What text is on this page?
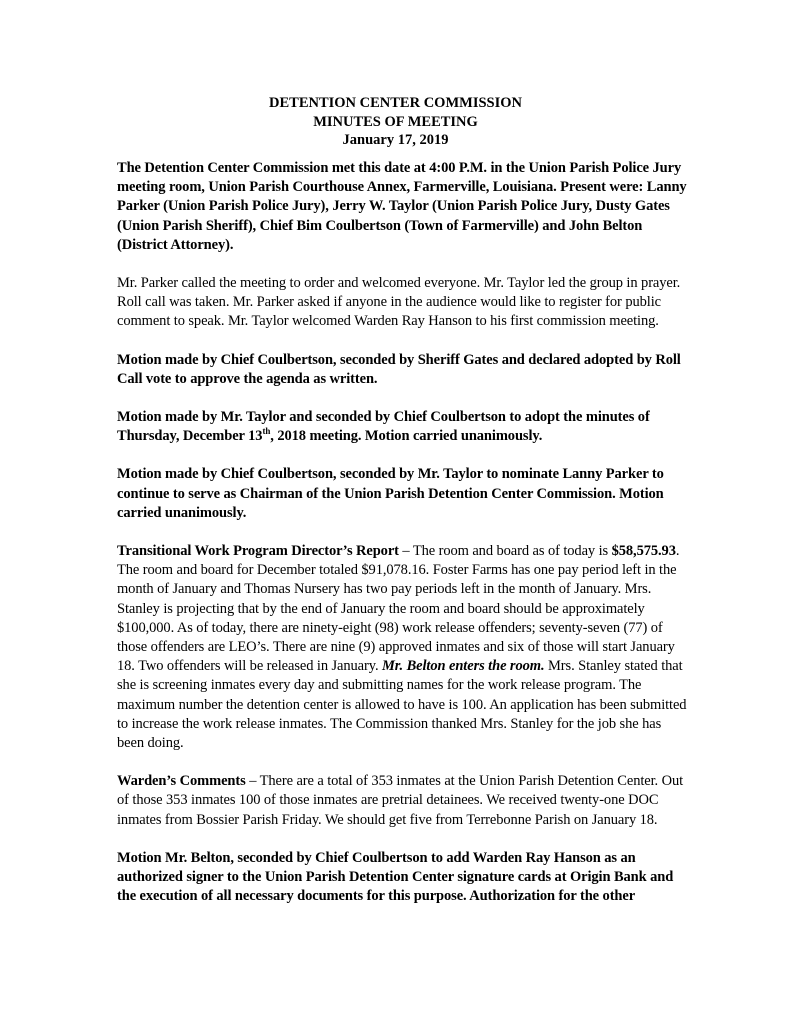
DETENTION CENTER COMMISSION
MINUTES OF MEETING
January 17, 2019

The Detention Center Commission met this date at 4:00 P.M. in the Union Parish Police Jury meeting room, Union Parish Courthouse Annex, Farmerville, Louisiana. Present were: Lanny Parker (Union Parish Police Jury), Jerry W. Taylor (Union Parish Police Jury, Dusty Gates (Union Parish Sheriff), Chief Bim Coulbertson (Town of Farmerville) and John Belton (District Attorney).

Mr. Parker called the meeting to order and welcomed everyone. Mr. Taylor led the group in prayer. Roll call was taken. Mr. Parker asked if anyone in the audience would like to register for public comment to speak. Mr. Taylor welcomed Warden Ray Hanson to his first commission meeting.

Motion made by Chief Coulbertson, seconded by Sheriff Gates and declared adopted by Roll Call vote to approve the agenda as written.

Motion made by Mr. Taylor and seconded by Chief Coulbertson to adopt the minutes of Thursday, December 13th, 2018 meeting. Motion carried unanimously.

Motion made by Chief Coulbertson, seconded by Mr. Taylor to nominate Lanny Parker to continue to serve as Chairman of the Union Parish Detention Center Commission. Motion carried unanimously.

Transitional Work Program Director’s Report – The room and board as of today is $58,575.93. The room and board for December totaled $91,078.16. Foster Farms has one pay period left in the month of January and Thomas Nursery has two pay periods left in the month of January. Mrs. Stanley is projecting that by the end of January the room and board should be approximately $100,000. As of today, there are ninety-eight (98) work release offenders; seventy-seven (77) of those offenders are LEO’s. There are nine (9) approved inmates and six of those will start January 18. Two offenders will be released in January. Mr. Belton enters the room. Mrs. Stanley stated that she is screening inmates every day and submitting names for the work release program. The maximum number the detention center is allowed to have is 100. An application has been submitted to increase the work release inmates. The Commission thanked Mrs. Stanley for the job she has been doing.

Warden’s Comments – There are a total of 353 inmates at the Union Parish Detention Center. Out of those 353 inmates 100 of those inmates are pretrial detainees. We received twenty-one DOC inmates from Bossier Parish Friday. We should get five from Terrebonne Parish on January 18.

Motion Mr. Belton, seconded by Chief Coulbertson to add Warden Ray Hanson as an authorized signer to the Union Parish Detention Center signature cards at Origin Bank and the execution of all necessary documents for this purpose. Authorization for the other
